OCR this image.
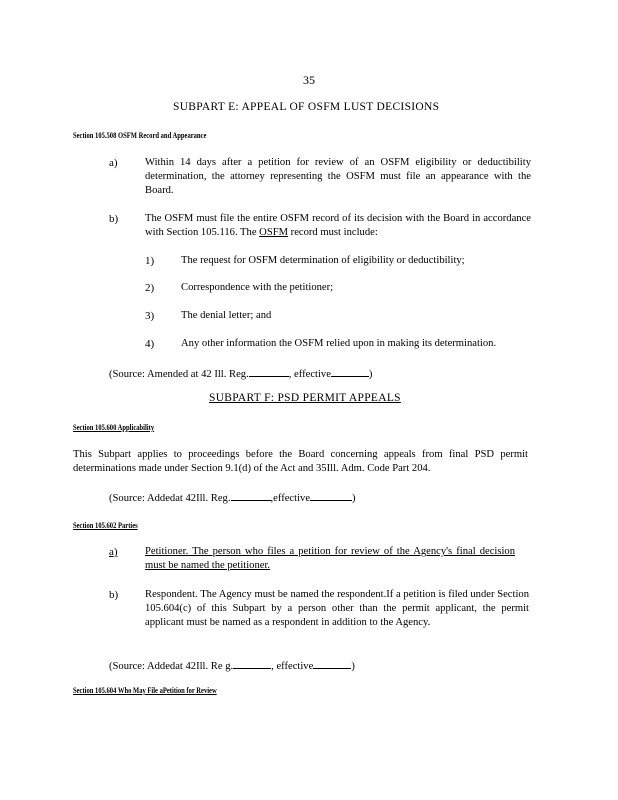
35
SUBPART E: APPEAL OF OSFM LUST DECISIONS
Section 105.508 OSFM Record and Appearance
a)	Within 14 days after a petition for review of an OSFM eligibility or deductibility determination, the attorney representing the OSFM must file an appearance with the Board.
b)	The OSFM must file the entire OSFM record of its decision with the Board in accordance with Section 105.116. The OSFM record must include:
1)	The request for OSFM determination of eligibility or deductibility;
2)	Correspondence with the petitioner;
3)	The denial letter; and
4)	Any other information the OSFM relied upon in making its determination.
(Source: Amended at 42 Ill. Reg.	, effective	)
SUBPART F: PSD PERMIT APPEALS
Section 105.600 Applicability
This Subpart applies to proceedings before the Board concerning appeals from final PSD permit determinations made under Section 9.1(d) of the Act and 35Ill. Adm. Code Part 204.
(Source: Addedat 42Ill. Reg.	,effective	)
Section 105.602 Parties
a)	Petitioner. The person who files a petition for review of the Agency's final decision must be named the petitioner.
b)	Respondent. The Agency must be named the respondent.If a petition is filed under Section 105.604(c) of this Subpart by a person other than the permit applicant, the permit applicant must be named as a respondent in addition to the Agency.
(Source: Addedat 42Ill. Re g.	, effective	)
Section 105.604 Who May File aPetition for Review
